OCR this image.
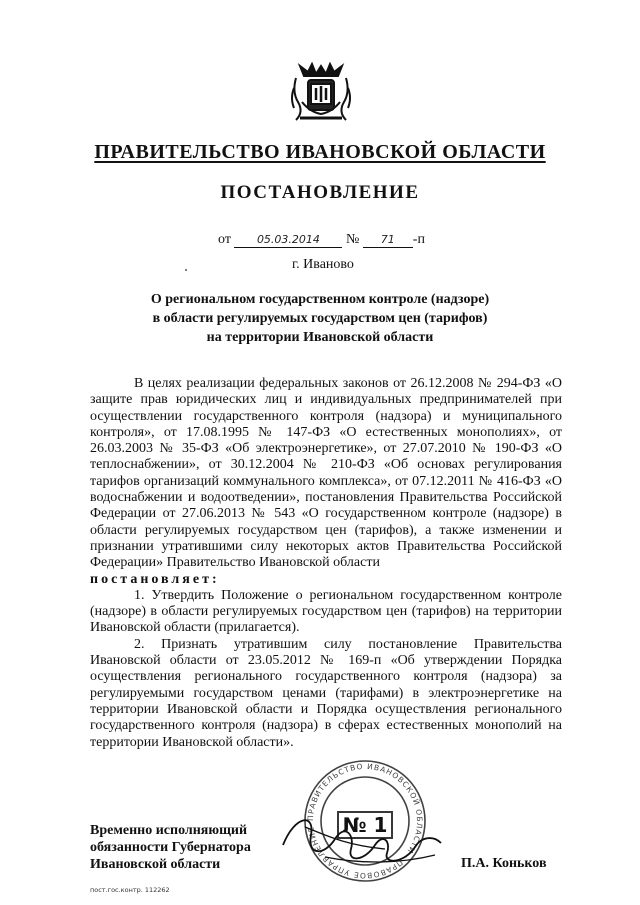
ПРАВИТЕЛЬСТВО ИВАНОВСКОЙ ОБЛАСТИ
ПОСТАНОВЛЕНИЕ
от 05.03.2014 № 71 -п
г. Иваново
О региональном государственном контроле (надзоре)
в области регулируемых государством цен (тарифов)
на территории Ивановской области

В целях реализации федеральных законов от 26.12.2008 № 294-ФЗ «О защите прав юридических лиц и индивидуальных предпринимателей при осуществлении государственного контроля (надзора) и муниципального контроля», от 17.08.1995 № 147-ФЗ «О естественных монополиях», от 26.03.2003 № 35-ФЗ «Об электроэнергетике», от 27.07.2010 № 190-ФЗ «О теплоснабжении», от 30.12.2004 № 210-ФЗ «Об основах регулирования тарифов организаций коммунального комплекса», от 07.12.2011 № 416-ФЗ «О водоснабжении и водоотведении», постановления Правительства Российской Федерации от 27.06.2013 № 543 «О государственном контроле (надзоре) в области регулируемых государством цен (тарифов), а также изменении и признании утратившими силу некоторых актов Правительства Российской Федерации» Правительство Ивановской области

постановляет:

1. Утвердить Положение о региональном государственном контроле (надзоре) в области регулируемых государством цен (тарифов) на территории Ивановской области (прилагается).

2. Признать утратившим силу постановление Правительства Ивановской области от 23.05.2012 № 169-п «Об утверждении Порядка осуществления регионального государственного контроля (надзора) за регулируемыми государством ценами (тарифами) в электроэнергетике на территории Ивановской области и Порядка осуществления регионального государственного контроля (надзора) в сферах естественных монополий на территории Ивановской области».

ПРАВИТЕЛЬСТВО ИВАНОВСКОЙ ОБЛАСТИ · ПРАВОВОЕ УПРАВЛЕНИЕ	№ 1
Временно исполняющий
обязанности Губернатора
Ивановской области	П.А. Коньков
пост.гос.контр. 112262
